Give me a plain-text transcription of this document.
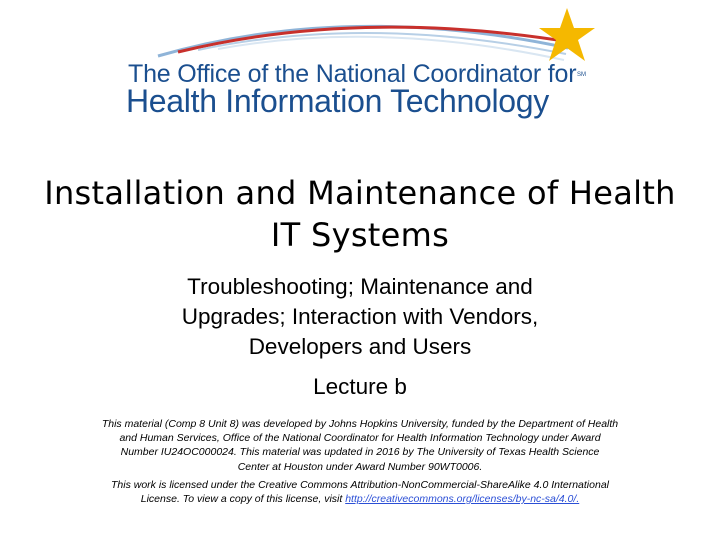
The Office of the National Coordinator for
Health Information Technology
SM
Installation and Maintenance of Health
IT Systems
Troubleshooting; Maintenance and
Upgrades; Interaction with Vendors,
Developers and Users
Lecture b
This material (Comp 8 Unit 8) was developed by Johns Hopkins University, funded by the Department of Health
and Human Services, Office of the National Coordinator for Health Information Technology under Award
Number IU24OC000024. This material was updated in 2016 by The University of Texas Health Science
Center at Houston under Award Number 90WT0006.
This work is licensed under the Creative Commons Attribution-NonCommercial-ShareAlike 4.0 International
License. To view a copy of this license, visit http://creativecommons.org/licenses/by-nc-sa/4.0/.
